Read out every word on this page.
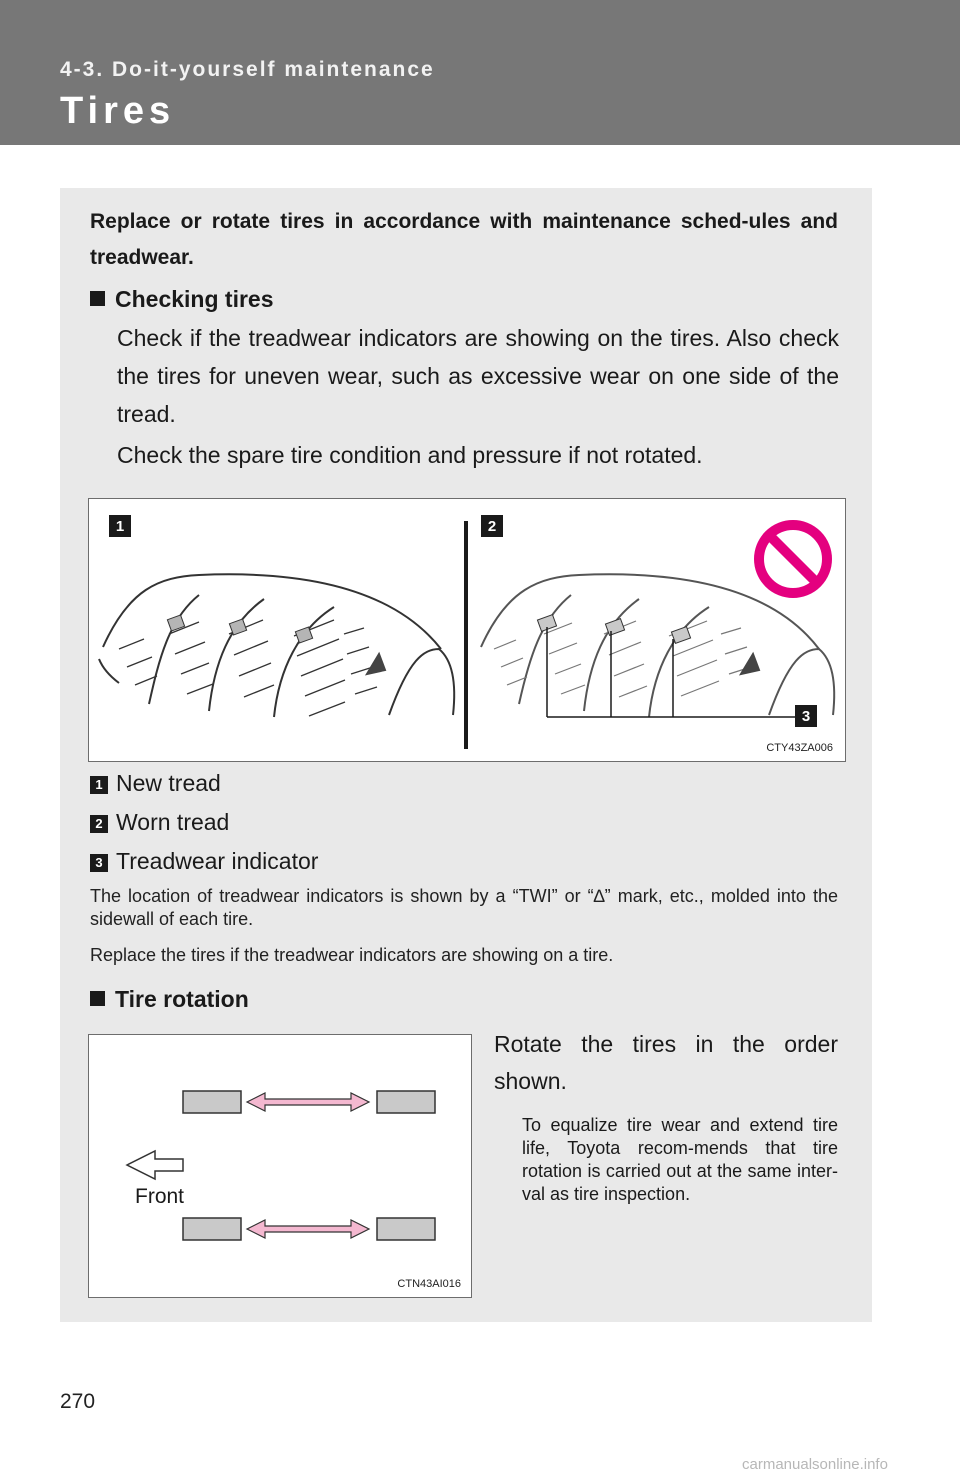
4-3. Do-it-yourself maintenance
Tires
Replace or rotate tires in accordance with maintenance sched-ules and treadwear.
Checking tires
Check if the treadwear indicators are showing on the tires. Also check the tires for uneven wear, such as excessive wear on one side of the tread.
Check the spare tire condition and pressure if not rotated.
1	2
3
CTY43ZA006
1 New tread
2 Worn tread
3 Treadwear indicator
The location of treadwear indicators is shown by a “TWI” or “∆” mark, etc., molded into the sidewall of each tire.
Replace the tires if the treadwear indicators are showing on a tire.
Tire rotation
Front
CTN43AI016
Rotate the tires in the order shown.
To equalize tire wear and extend tire life, Toyota recom-mends that tire rotation is carried out at the same inter-val as tire inspection.
270
carmanualsonline.info
